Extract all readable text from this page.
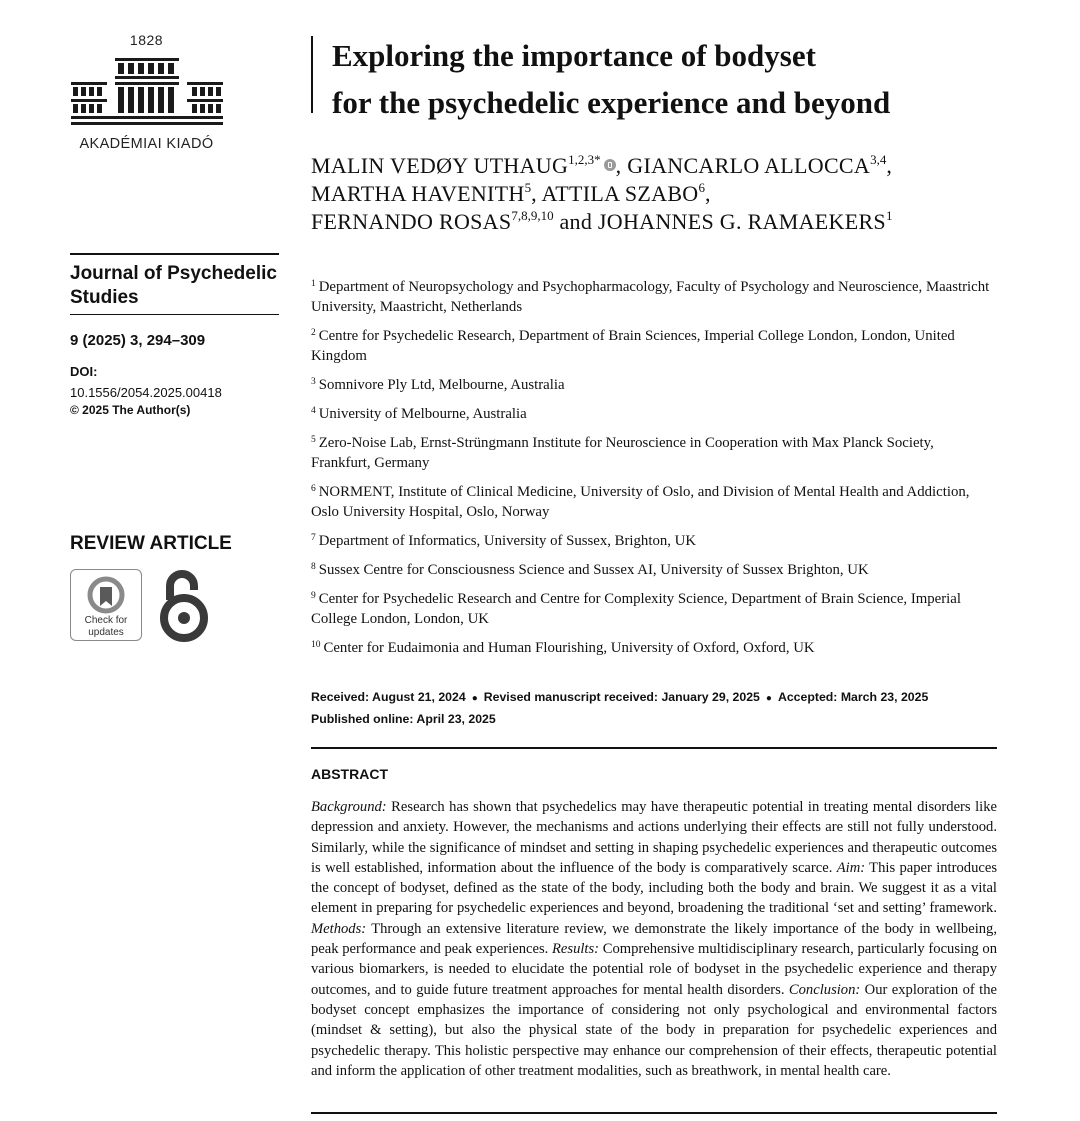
1828
AKADÉMIAI KIADÓ
Journal of Psychedelic Studies
9 (2025) 3, 294–309
DOI:
10.1556/2054.2025.00418
© 2025 The Author(s)
REVIEW ARTICLE
Check for
updates
Exploring the importance of bodyset
for the psychedelic experience and beyond
MALIN VEDØY $UTHAUG^{1,2,3*}$ , GIANCARLO ALLOCCA$^{3,4}$,
MARTHA HAVENITH$^5$, ATTILA SZABO$^6$,
FERNANDO ROSAS$^{7,8,9,10}$ and JOHANNES G. RAMAEKERS$^1$
$^1$ Department of Neuropsychology and Psychopharmacology, Faculty of Psychology and Neuroscience, Maastricht University, Maastricht, Netherlands
$^2$ Centre for Psychedelic Research, Department of Brain Sciences, Imperial College London, London, United Kingdom
$^3$ Somnivore Ply Ltd, Melbourne, Australia
$^4$ University of Melbourne, Australia
$^5$ Zero-Noise Lab, Ernst-Strüngmann Institute for Neuroscience in Cooperation with Max Planck Society, Frankfurt, Germany
$^6$ NORMENT, Institute of Clinical Medicine, University of Oslo, and Division of Mental Health and Addiction, Oslo University Hospital, Oslo, Norway
$^7$ Department of Informatics, University of Sussex, Brighton, UK
$^8$ Sussex Centre for Consciousness Science and Sussex AI, University of Sussex Brighton, UK
$^9$ Center for Psychedelic Research and Centre for Complexity Science, Department of Brain Science, Imperial College London, London, UK
$^{10}$ Center for Eudaimonia and Human Flourishing, University of Oxford, Oxford, UK
Received: August 21, 2024 ● Revised manuscript received: January 29, 2025 ● Accepted: March 23, 2025
Published online: April 23, 2025
ABSTRACT

Background: Research has shown that psychedelics may have therapeutic potential in treating mental disorders like depression and anxiety. However, the mechanisms and actions underlying their effects are still not fully understood. Similarly, while the significance of mindset and setting in shaping psychedelic experiences and therapeutic outcomes is well established, information about the influence of the body is comparatively scarce. Aim: This paper introduces the concept of bodyset, defined as the state of the body, including both the body and brain. We suggest it as a vital element in preparing for psychedelic experiences and beyond, broadening the traditional ‘set and setting’ framework. Methods: Through an extensive literature review, we demonstrate the likely importance of the body in wellbeing, peak performance and peak experiences. Results: Comprehensive multidisciplinary research, particularly focusing on various biomarkers, is needed to elucidate the potential role of bodyset in the psychedelic experience and therapy outcomes, and to guide future treatment approaches for mental health disorders. Conclusion: Our exploration of the bodyset concept emphasizes the importance of considering not only psychological and environmental factors (mindset & setting), but also the physical state of the body in preparation for psychedelic experiences and psychedelic therapy. This holistic perspective may enhance our comprehension of their effects, therapeutic potential and inform the application of other treatment modalities, such as breathwork, in mental health care.
